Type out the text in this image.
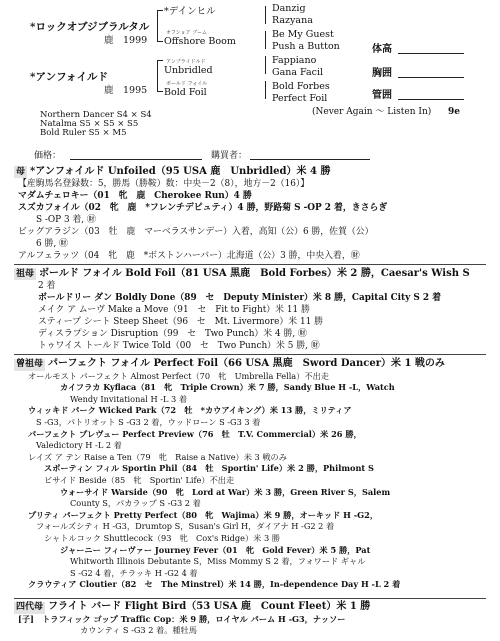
*ロックオブジブラルタル
鹿　1999
*アンフォイルド
鹿　1995
*デインヒル
オフショア ブーム
Offshore Boom
アンブライドルド
Unbridled
ボールド フォイル
Bold Foil
Danzig
Razyana
Be My Guest
Push a Button
Fappiano
Gana Facil
Bold Forbes
Perfect Foil
Northern Dancer S4 × S4
Natalma S5 × S5 × S5
Bold Ruler S5 × M5
(Never Again ～ Listen In) 9e
体高
胸囲
管囲
価格：	購買者：
母 *アンフォイルド Unfoiled（95 USA 鹿　Unbridled）米 4 勝
【産駒馬名登録数：5，勝馬（勝鞍）数：中央－2（8），地方－2（16）】
マダムチェロキー（01　牝　鹿　Cherokee Run）4 勝
スズカフォイル（02　牝　鹿　*フレンチデピュティ）4 勝，野路菊 S -OP 2 着，きさらぎ
S -OP 3 着, ㊖
ビッグアラジン（03　牡　鹿　マーベラスサンデー）入着，高知（公）6 勝，佐賀（公）
6 勝, ㊖
アルフェラッツ（04　牝　鹿　*ボストンハーバー）北海道（公）3 勝，中央入着，㊖
祖母 ボールド フォイル Bold Foil（81 USA 黒鹿　Bold Forbes）米 2 勝，Caesar's Wish S
2 着
ボールドリー ダン Boldly Done（89　セ　Deputy Minister）米 8 勝，Capital City S 2 着
メイク ア ムーヴ Make a Move（91　セ　Fit to Fight）米 11 勝
スティープ シート Steep Sheet（96　セ　Mt. Livermore）米 11 勝
ディスラプション Disruption（99　セ　Two Punch）米 4 勝, ㊖
トゥワイス トールド Twice Told（00　セ　Two Punch）米 5 勝, ㊖
曾祖母 パーフェクト フォイル Perfect Foil（66 USA 黒鹿　Sword Dancer）米 1 戦のみ
オールモスト パーフェクト Almost Perfect（70　牝　Umbrella Fella）不出走
カイフラカ Kyflaca（81　牝　Triple Crown）米 7 勝，Sandy Blue H -L，Watch
Wendy Invitational H -L 3 着
ウィッキド パーク Wicked Park（72　牡　*カウアイキング）米 13 勝，ミリティア
S -G3，パトリオット S -G3 2 着，ウッドローン S -G3 3 着
パーフェクト プレヴュー Perfect Preview（76　牡　T.V. Commercial）米 26 勝，
Valedictory H -L 2 着
レイズ ア テン Raise a Ten（79　牝　Raise a Native）米 3 戦のみ
スポーティン フィル Sportin Phil（84　牡　Sportin' Life）米 2 勝，Philmont S
ビサイド Beside（85　牝　Sportin' Life）不出走
ウォーサイド Warside（90　牝　Lord at War）米 3 勝，Green River S，Salem
County S，パカラップ S -G3 2 着
プリティ パーフェクト Pretty Perfect（80　牝　Wajima）米 9 勝，オーキッド H -G2，
フォールズシティ H -G3，Drumtop S，Susan's Girl H，ダイアナ H -G2 2 着
シャトルコック Shuttlecock（93　牝　Cox's Ridge）米 3 勝
ジャーニー フィーヴァー Journey Fever（01　牝　Gold Fever）米 5 勝，Pat
Whitworth Illinois Debutante S，Miss Mommy S 2 着，フォワード ギャル
S -G2 4 着，チラッキ H -G2 4 着
クラウティア Cloutier（82　セ　The Minstrel）米 14 勝，In-dependence Day H -L 2 着
四代母 フライト バード Flight Bird（53 USA 鹿　Count Fleet）米 1 勝
[子]　トラフィック ゴップ Traffic Cop：米 9 勝，ロイヤル パーム H -G3，ナッソー
カウンティ S -G3 2 着。種牡馬
